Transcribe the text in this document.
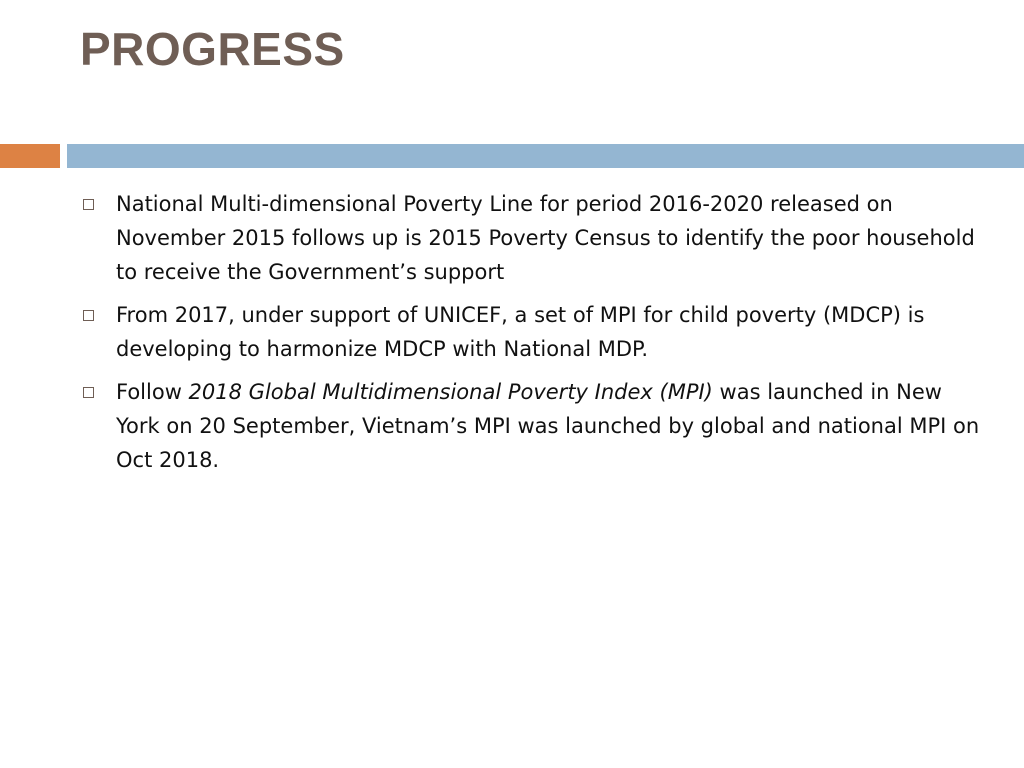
PROGRESS
National Multi-dimensional Poverty Line for period 2016-2020 released on November 2015 follows up is 2015 Poverty Census to identify the poor household to receive the Government’s support
From 2017, under support of UNICEF, a set of MPI for child poverty (MDCP) is developing to harmonize MDCP with National MDP.
Follow 2018 Global Multidimensional Poverty Index (MPI) was launched in New York on 20 September, Vietnam’s MPI was launched by global and national MPI on Oct 2018.
